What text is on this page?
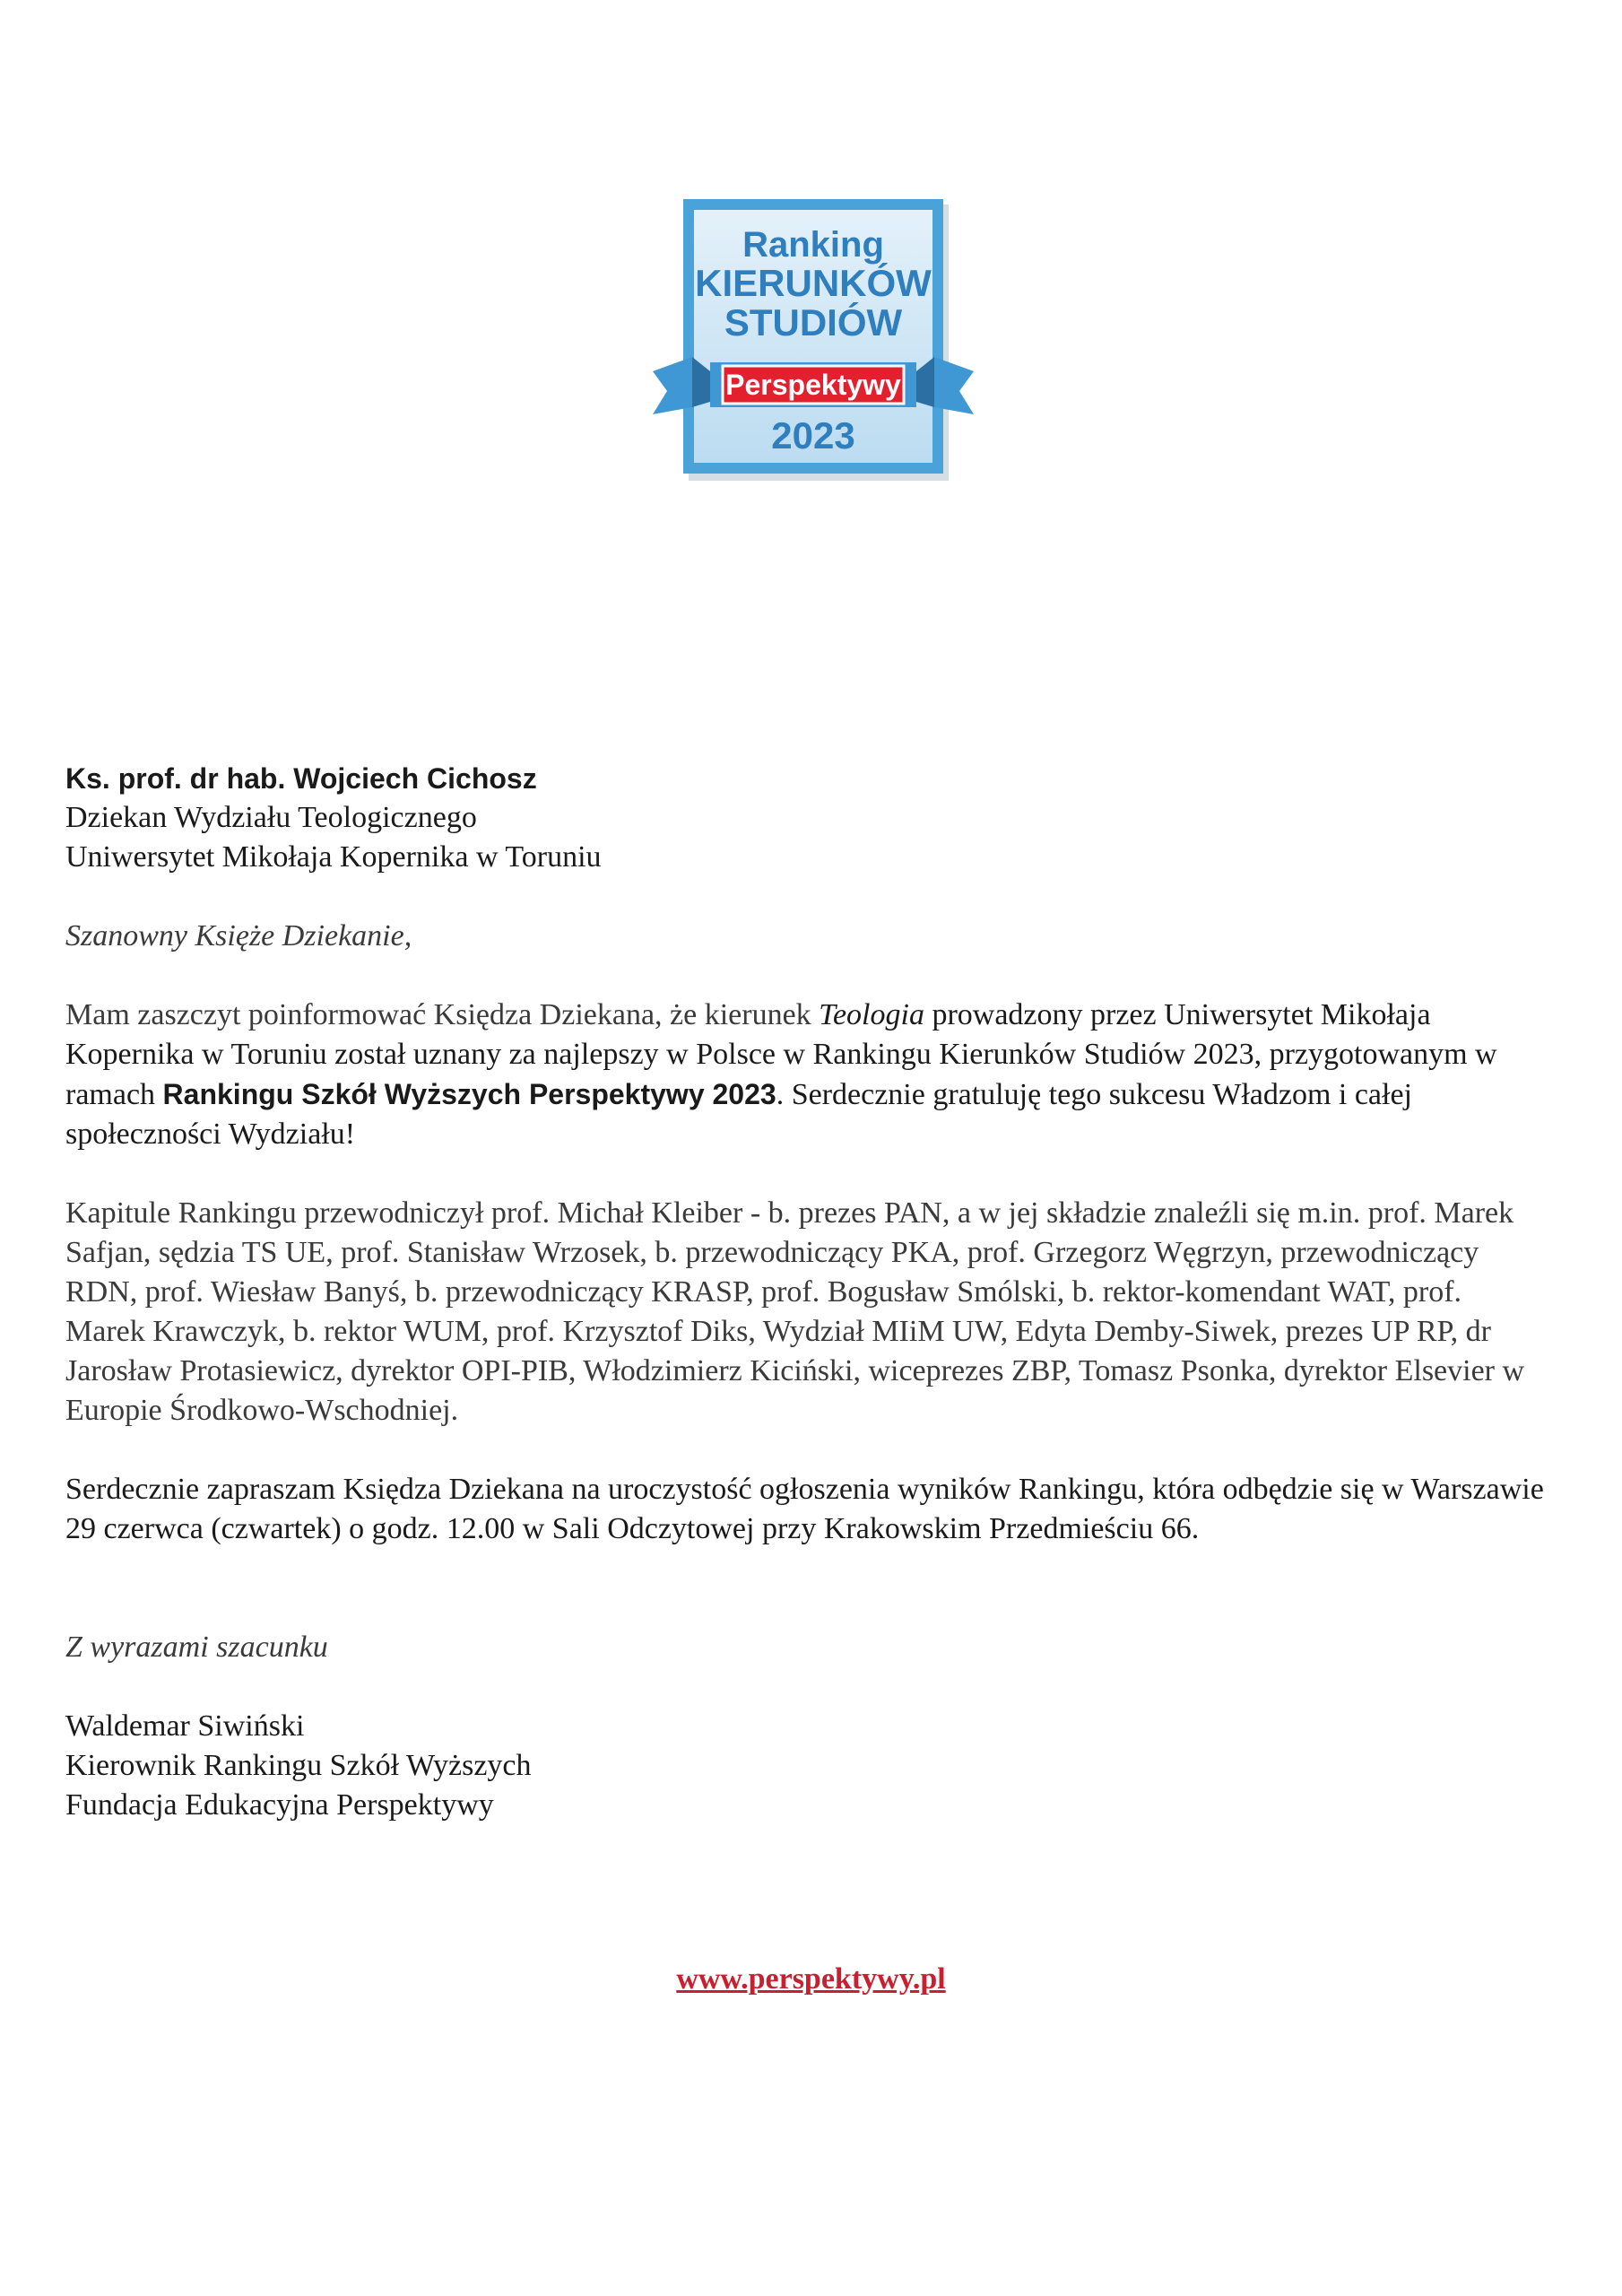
Ranking
KIERUNKÓW
STUDIÓW
Perspektywy
2023

Ks. prof. dr hab. Wojciech Cichosz

Dziekan Wydziału Teologicznego

Uniwersytet Mikołaja Kopernika w Toruniu

Szanowny Księże Dziekanie,

Mam zaszczyt poinformować Księdza Dziekana, że kierunek Teologia prowadzony przez Uniwersytet Mikołaja Kopernika w Toruniu został uznany za najlepszy w Polsce w Rankingu Kierunków Studiów 2023, przygotowanym w ramach Rankingu Szkół Wyższych Perspektywy 2023. Serdecznie gratuluję tego sukcesu Władzom i całej społeczności Wydziału!

Kapitule Rankingu przewodniczył prof. Michał Kleiber - b. prezes PAN, a w jej składzie znaleźli się m.in. prof. Marek Safjan, sędzia TS UE, prof. Stanisław Wrzosek, b. przewodniczący PKA, prof. Grzegorz Węgrzyn, przewodniczący RDN, prof. Wiesław Banyś, b. przewodniczący KRASP, prof. Bogusław Smólski, b. rektor-komendant WAT, prof. Marek Krawczyk, b. rektor WUM, prof. Krzysztof Diks, Wydział MIiM UW, Edyta Demby-Siwek, prezes UP RP, dr Jarosław Protasiewicz, dyrektor OPI-PIB, Włodzimierz Kiciński, wiceprezes ZBP, Tomasz Psonka, dyrektor Elsevier w Europie Środkowo-Wschodniej.

Serdecznie zapraszam Księdza Dziekana na uroczystość ogłoszenia wyników Rankingu, która odbędzie się w Warszawie 29 czerwca (czwartek) o godz. 12.00 w Sali Odczytowej przy Krakowskim Przedmieściu 66.

Z wyrazami szacunku

Waldemar Siwiński

Kierownik Rankingu Szkół Wyższych

Fundacja Edukacyjna Perspektywy

www.perspektywy.pl
